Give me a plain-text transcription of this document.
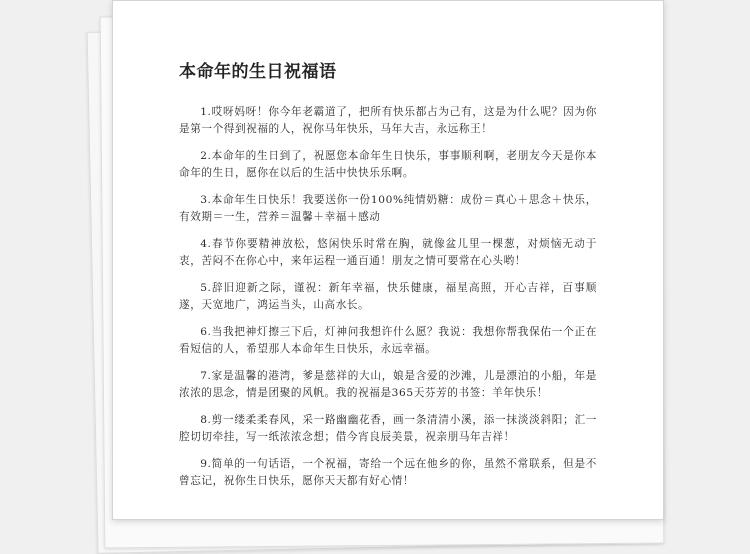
本命年的生日祝福语

1.哎呀妈呀！你今年老霸道了，把所有快乐都占为己有，这是为什么呢？因为你是第一个得到祝福的人，祝你马年快乐，马年大吉，永远称王！

2.本命年的生日到了，祝愿您本命年生日快乐，事事顺利啊，老朋友今天是你本命年的生日，愿你在以后的生活中快快乐乐啊。

3.本命年生日快乐！我要送你一份100%纯情奶糖：成份＝真心＋思念＋快乐，有效期＝一生，营养＝温馨＋幸福＋感动

4.春节你要精神放松，悠闲快乐时常在胸，就像盆儿里一棵葱，对烦恼无动于衷，苦闷不在你心中，来年运程一通百通！朋友之情可要常在心头哟！

5.辞旧迎新之际，谨祝：新年幸福，快乐健康，福星高照，开心吉祥，百事顺遂，天宽地广，鸿运当头，山高水长。

6.当我把神灯擦三下后，灯神问我想许什么愿？我说：我想你帮我保佑一个正在看短信的人，希望那人本命年生日快乐，永远幸福。

7.家是温馨的港湾，爹是慈祥的大山，娘是含爱的沙滩，儿是漂泊的小船，年是浓浓的思念，情是团聚的风帆。我的祝福是365天芬芳的书签：羊年快乐！

8.剪一缕柔柔春风，采一路幽幽花香，画一条清清小溪，添一抹淡淡斜阳；汇一腔切切牵挂，写一纸浓浓念想；借今宵良辰美景，祝亲朋马年吉祥！

9.简单的一句话语，一个祝福，寄给一个远在他乡的你，虽然不常联系，但是不曾忘记，祝你生日快乐，愿你天天都有好心情！
